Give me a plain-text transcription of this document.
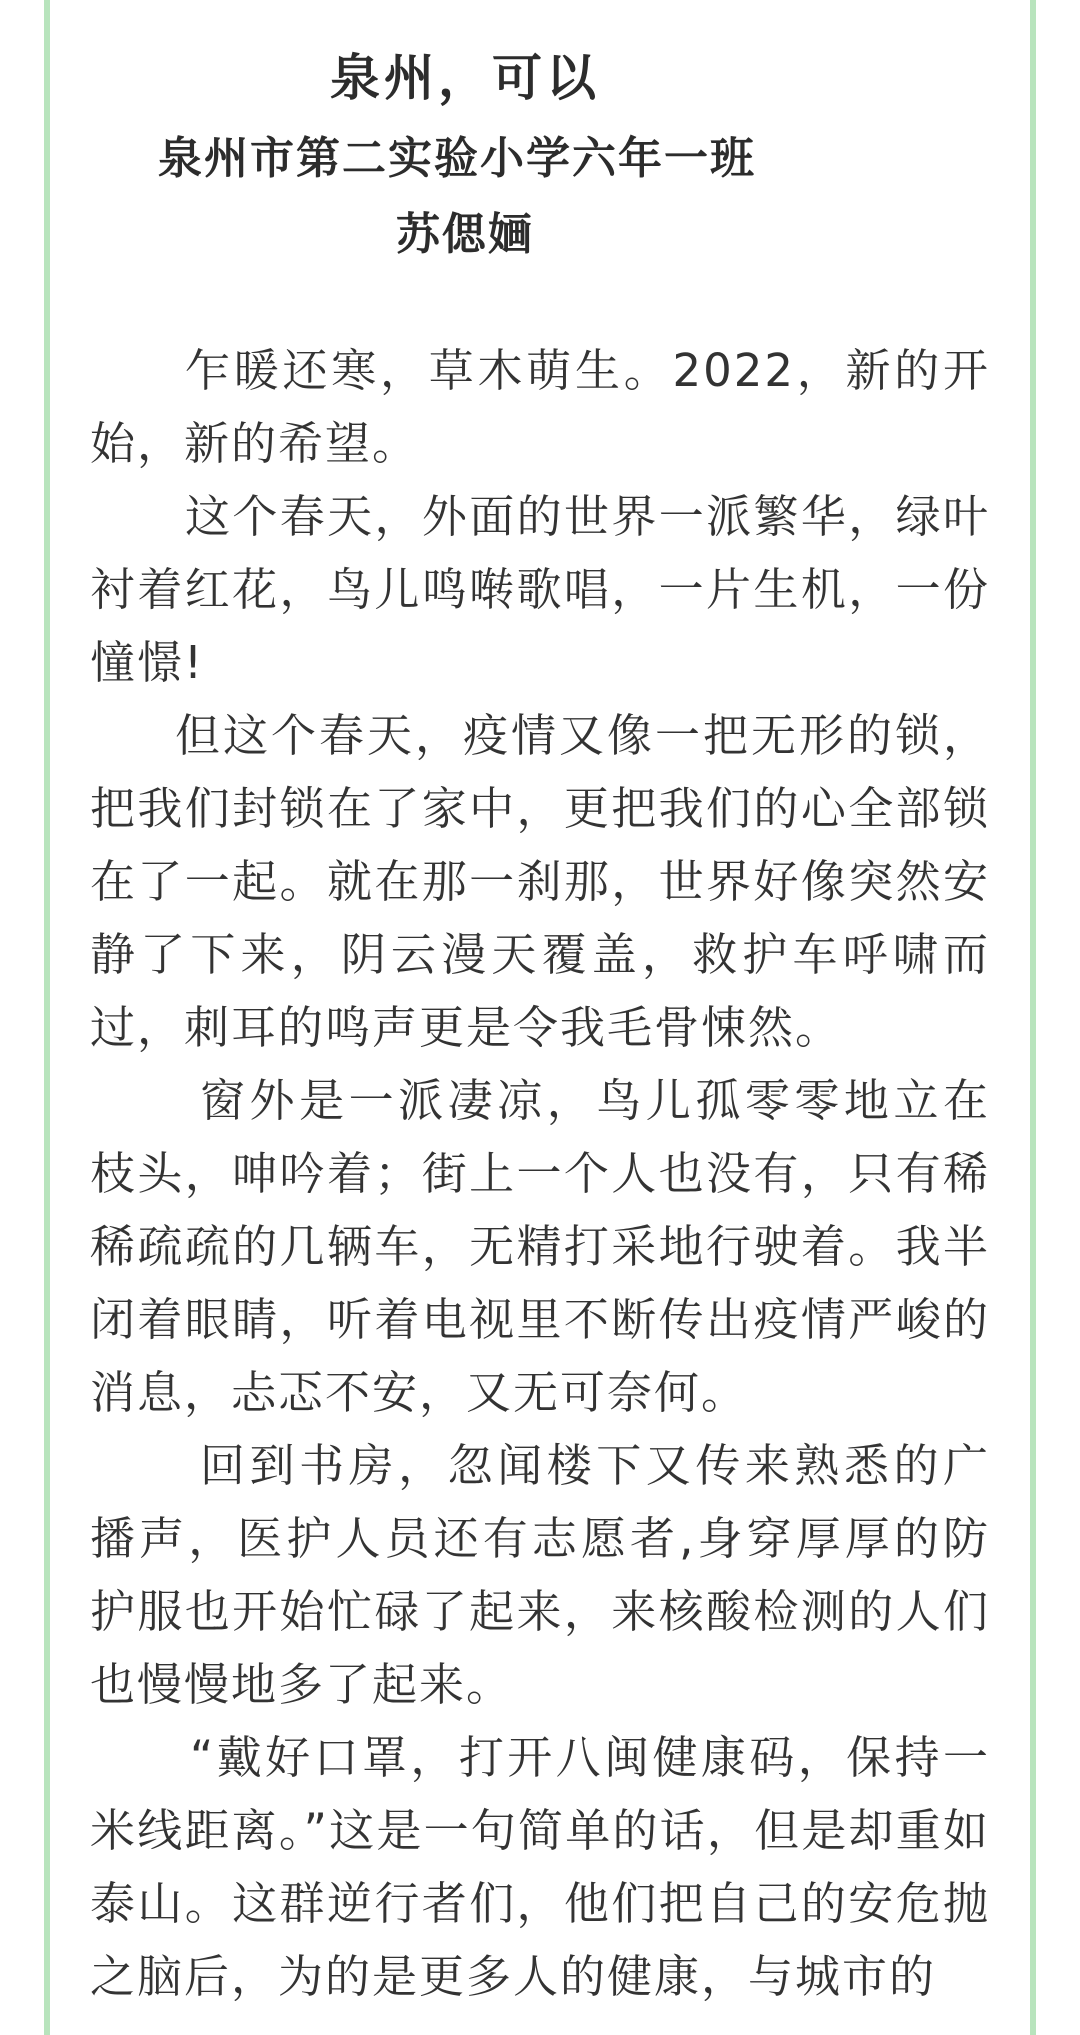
泉州，可以
泉州市第二实验小学六年一班
苏偲婳

乍暖还寒，草木萌生。2022，新的开始，新的希望。

这个春天，外面的世界一派繁华，绿叶衬着红花，鸟儿鸣啭歌唱，一片生机，一份憧憬!

但这个春天，疫情又像一把无形的锁，把我们封锁在了家中，更把我们的心全部锁在了一起。就在那一刹那，世界好像突然安静了下来，阴云漫天覆盖，救护车呼啸而过，刺耳的鸣声更是令我毛骨悚然。

窗外是一派凄凉，鸟儿孤零零地立在枝头，呻吟着；街上一个人也没有，只有稀稀疏疏的几辆车，无精打采地行驶着。我半闭着眼睛，听着电视里不断传出疫情严峻的消息，忐忑不安，又无可奈何。

回到书房，忽闻楼下又传来熟悉的广播声，医护人员还有志愿者,身穿厚厚的防护服也开始忙碌了起来，来核酸检测的人们也慢慢地多了起来。

“戴好口罩，打开八闽健康码，保持一米线距离。”这是一句简单的话，但是却重如泰山。这群逆行者们，他们把自己的安危抛之脑后，为的是更多人的健康，与城市的
